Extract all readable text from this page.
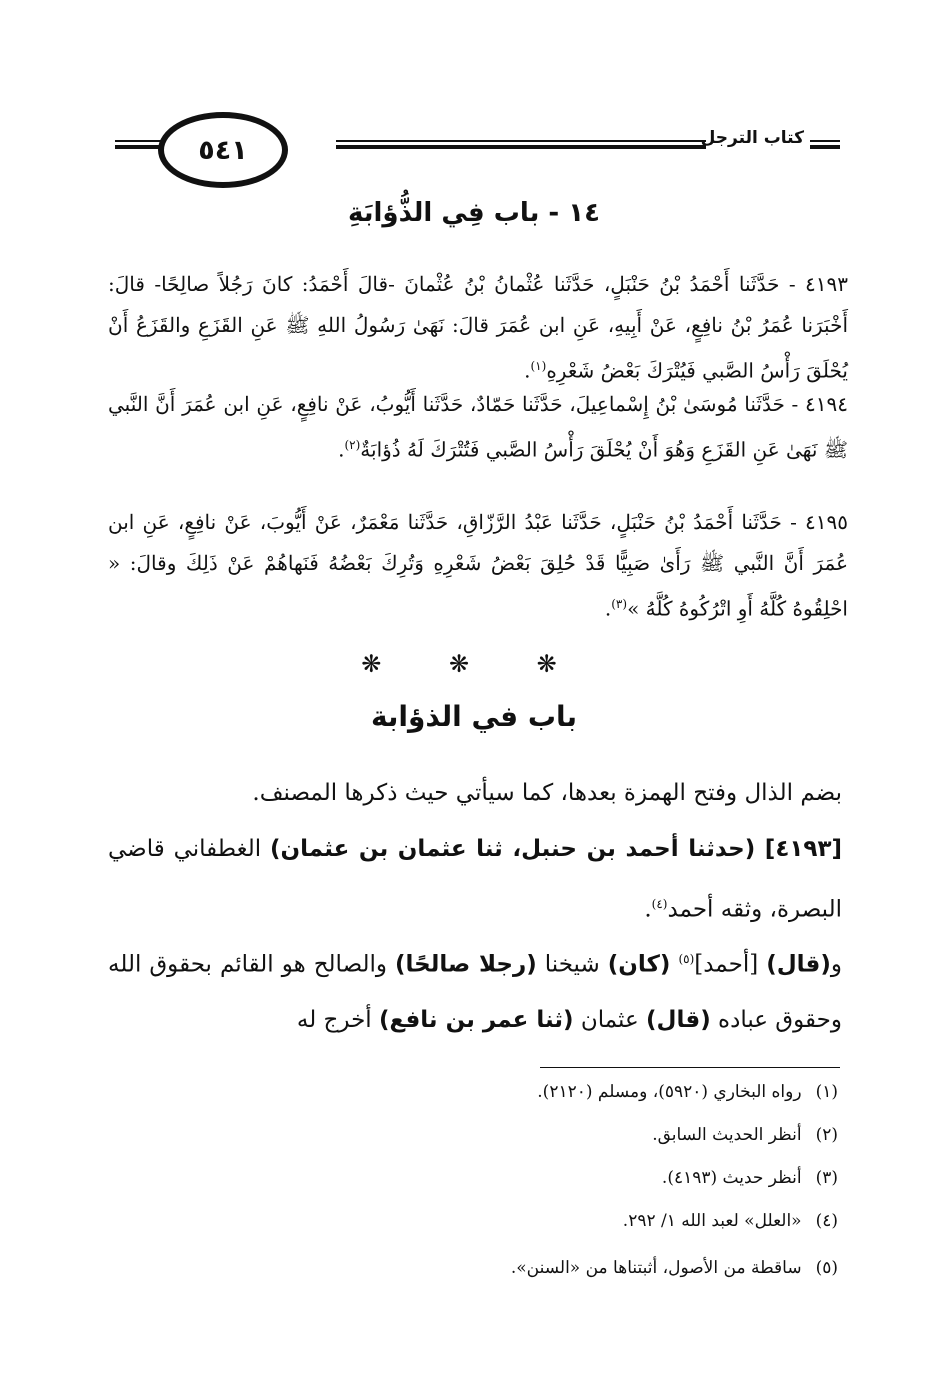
٥٤١	كتاب الترجل
١٤ - باب فِي الذُّؤابَةِ
٤١٩٣ - حَدَّثَنا أَحْمَدُ بْنُ حَنْبَلٍ، حَدَّثَنا عُثْمانُ بْنُ عُثْمانَ -قالَ أَحْمَدُ: كانَ رَجُلاً صالِحًا- قالَ: أَخْبَرَنا عُمَرُ بْنُ نافِعٍ، عَنْ أَبِيهِ، عَنِ ابن عُمَرَ قالَ: نَهَىٰ رَسُولُ اللهِ ﷺ عَنِ القَزَعِ والقَزَعُ أَنْ يُحْلَقَ رَأْسُ الصَّبي فَيُتْرَكَ بَعْضُ شَعْرِهِ$^{(١)}$.
٤١٩٤ - حَدَّثَنا مُوسَىٰ بْنُ إِسْماعِيلَ، حَدَّثَنا حَمّادٌ، حَدَّثَنا أَيُّوبُ، عَنْ نافِعٍ، عَنِ ابن عُمَرَ أَنَّ النَّبي ﷺ نَهَىٰ عَنِ القَزَعِ وَهُوَ أَنْ يُحْلَقَ رَأْسُ الصَّبي فَتُتْرَكَ لَهُ ذُؤابَةٌ$^{(٢)}$.
٤١٩٥ - حَدَّثَنا أَحْمَدُ بْنُ حَنْبَلٍ، حَدَّثَنا عَبْدُ الرَّزّاقِ، حَدَّثَنا مَعْمَرٌ، عَنْ أَيُّوبَ، عَنْ نافِعٍ، عَنِ ابن عُمَرَ أَنَّ النَّبي ﷺ رَأَىٰ صَبِيًّا قَدْ حُلِقَ بَعْضُ شَعْرِهِ وَتُرِكَ بَعْضُهُ فَنَهاهُمْ عَنْ ذَلِكَ وقالَ: « احْلِقُوهُ كُلَّهُ أَوِ اتْرُكُوهُ كُلَّهُ »$^{(٣)}$.
❋ ❋ ❋
باب في الذؤابة
بضم الذال وفتح الهمزة بعدها، كما سيأتي حيث ذكرها المصنف.
[٤١٩٣] (حدثنا أحمد بن حنبل، ثنا عثمان بن عثمان) الغطفاني قاضي البصرة، وثقه أحمد$^{(٤)}$.
و(قال) [أحمد]$^{(٥)}$ (كان) شيخنا (رجلا صالحًا) والصالح هو القائم بحقوق الله وحقوق عباده (قال) عثمان (ثنا عمر بن نافع) أخرج له
(١)رواه البخاري (٥٩٢٠)، ومسلم (٢١٢٠).
(٢)أنظر الحديث السابق.
(٣)أنظر حديث (٤١٩٣).
(٤)«العلل» لعبد الله ١/ ٢٩٢.
(٥)ساقطة من الأصول، أثبتناها من «السنن».
